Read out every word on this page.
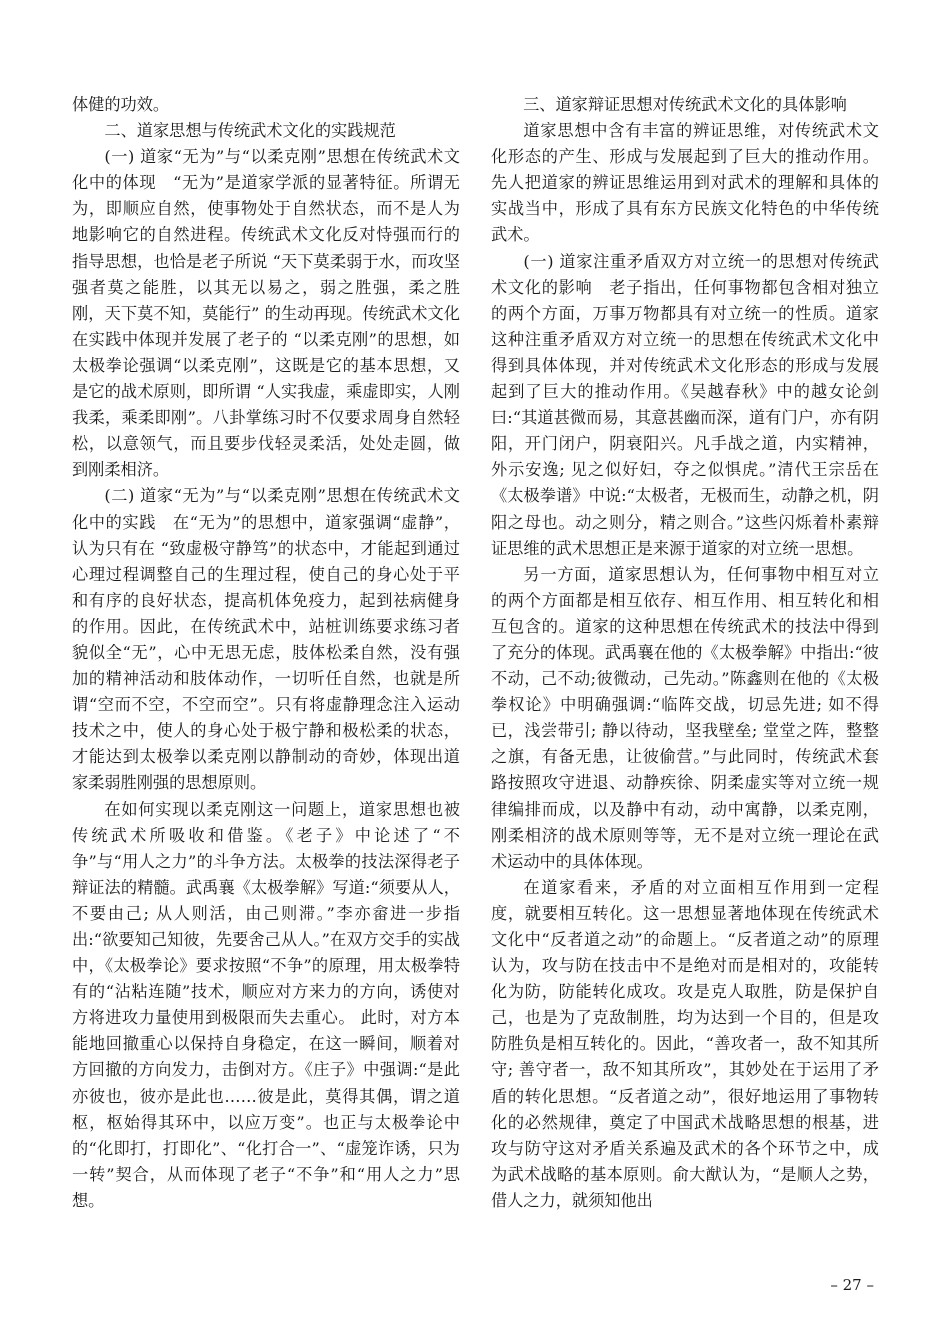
体健的功效。

二、道家思想与传统武术文化的实践规范

(一) 道家“无为”与“以柔克刚”思想在传统武术文化中的体现　“无为”是道家学派的显著特征。所谓无为，即顺应自然，使事物处于自然状态，而不是人为地影响它的自然进程。传统武术文化反对恃强而行的指导思想，也恰是老子所说 “天下莫柔弱于水，而攻坚强者莫之能胜，以其无以易之，弱之胜强，柔之胜刚，天下莫不知，莫能行” 的生动再现。传统武术文化在实践中体现并发展了老子的 “以柔克刚”的思想，如太极拳论强调“以柔克刚”，这既是它的基本思想，又是它的战术原则，即所谓 “人实我虚，乘虚即实，人刚我柔，乘柔即刚”。八卦掌练习时不仅要求周身自然轻松，以意领气，而且要步伐轻灵柔活，处处走圆，做到刚柔相济。

(二) 道家“无为”与“以柔克刚”思想在传统武术文化中的实践　在“无为”的思想中，道家强调“虚静”，认为只有在 “致虚极守静笃”的状态中，才能起到通过心理过程调整自己的生理过程，使自己的身心处于平和有序的良好状态，提高机体免疫力，起到祛病健身的作用。因此，在传统武术中，站桩训练要求练习者貌似全“无”，心中无思无虑，肢体松柔自然，没有强加的精神活动和肢体动作，一切听任自然，也就是所谓“空而不空，不空而空”。只有将虚静理念注入运动技术之中，使人的身心处于极宁静和极松柔的状态，才能达到太极拳以柔克刚以静制动的奇妙，体现出道家柔弱胜刚强的思想原则。

在如何实现以柔克刚这一问题上，道家思想也被传统武术所吸收和借鉴。《老子》中论述了“不争”与“用人之力”的斗争方法。太极拳的技法深得老子辩证法的精髓。武禹襄《太极拳解》写道:“须要从人，不要由己; 从人则活，由己则滞。”李亦畲进一步指出:“欲要知己知彼，先要舍己从人。”在双方交手的实战中，《太极拳论》要求按照“不争”的原理，用太极拳特有的“沾粘连随”技术，顺应对方来力的方向，诱使对方将进攻力量使用到极限而失去重心。 此时，对方本能地回撤重心以保持自身稳定，在这一瞬间，顺着对方回撤的方向发力，击倒对方。《庄子》中强调:“是此亦彼也，彼亦是此也……彼是此，莫得其偶，谓之道枢，枢始得其环中，以应万变”。也正与太极拳论中的“化即打，打即化”、“化打合一”、“虚笼诈诱，只为一转”契合，从而体现了老子“不争”和“用人之力”思想。

三、道家辩证思想对传统武术文化的具体影响

道家思想中含有丰富的辨证思维，对传统武术文化形态的产生、形成与发展起到了巨大的推动作用。先人把道家的辨证思维运用到对武术的理解和具体的实战当中，形成了具有东方民族文化特色的中华传统武术。

(一) 道家注重矛盾双方对立统一的思想对传统武术文化的影响　老子指出，任何事物都包含相对独立的两个方面，万事万物都具有对立统一的性质。道家这种注重矛盾双方对立统一的思想在传统武术文化中得到具体体现，并对传统武术文化形态的形成与发展起到了巨大的推动作用。《吴越春秋》中的越女论剑曰:“其道甚微而易，其意甚幽而深，道有门户，亦有阴阳，开门闭户，阴衰阳兴。凡手战之道，内实精神，外示安逸; 见之似好妇，夺之似惧虎。”清代王宗岳在《太极拳谱》中说:“太极者，无极而生，动静之机，阴阳之母也。动之则分，精之则合。”这些闪烁着朴素辩证思维的武术思想正是来源于道家的对立统一思想。

另一方面，道家思想认为，任何事物中相互对立的两个方面都是相互依存、相互作用、相互转化和相互包含的。道家的这种思想在传统武术的技法中得到了充分的体现。武禹襄在他的《太极拳解》中指出:“彼不动，己不动;彼微动，己先动。”陈鑫则在他的《太极拳权论》中明确强调:“临阵交战，切忌先进; 如不得已，浅尝带引; 静以待动，坚我壁垒; 堂堂之阵，整整之旗，有备无患，让彼偷营。”与此同时，传统武术套路按照攻守进退、动静疾徐、阴柔虚实等对立统一规律编排而成，以及静中有动，动中寓静，以柔克刚，刚柔相济的战术原则等等，无不是对立统一理论在武术运动中的具体体现。

在道家看来，矛盾的对立面相互作用到一定程度，就要相互转化。这一思想显著地体现在传统武术文化中“反者道之动”的命题上。“反者道之动”的原理认为，攻与防在技击中不是绝对而是相对的，攻能转化为防，防能转化成攻。攻是克人取胜，防是保护自己，也是为了克敌制胜，均为达到一个目的，但是攻防胜负是相互转化的。因此，“善攻者一，敌不知其所守; 善守者一，敌不知其所攻”，其妙处在于运用了矛盾的转化思想。“反者道之动”，很好地运用了事物转化的必然规律，奠定了中国武术战略思想的根基，进攻与防守这对矛盾关系遍及武术的各个环节之中，成为武术战略的基本原则。俞大猷认为，“是顺人之势，借人之力，就须知他出

– 27 –
